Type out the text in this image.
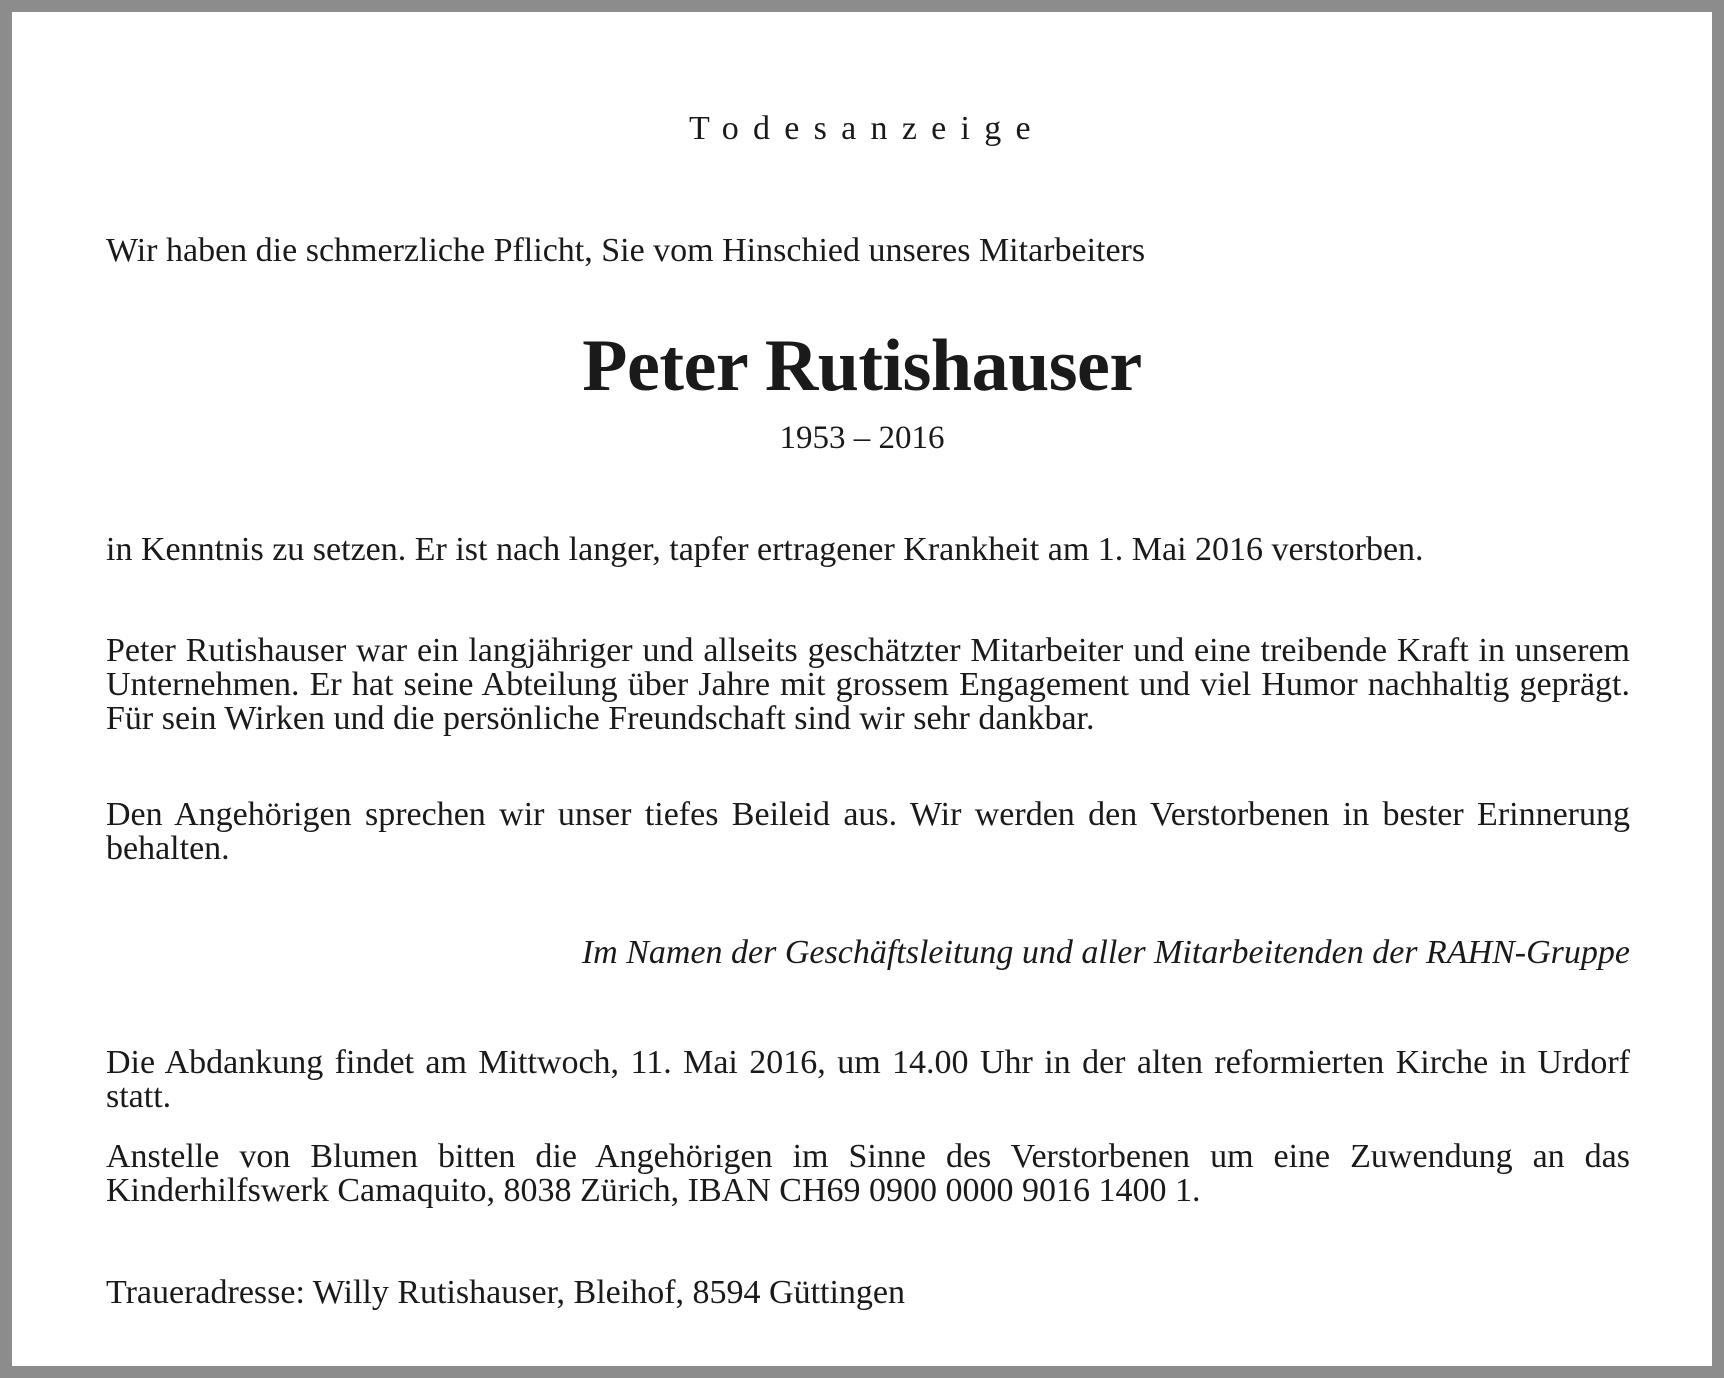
Todesanzeige
Wir haben die schmerzliche Pflicht, Sie vom Hinschied unseres Mitarbeiters
Peter Rutishauser
1953 – 2016
in Kenntnis zu setzen. Er ist nach langer, tapfer ertragener Krankheit am 1. Mai 2016 verstorben.
Peter Rutishauser war ein langjähriger und allseits geschätzter Mitarbeiter und eine treibende Kraft in unserem Unternehmen. Er hat seine Abteilung über Jahre mit grossem Engagement und viel Humor nachhaltig geprägt. Für sein Wirken und die persönliche Freundschaft sind wir sehr dankbar.
Den Angehörigen sprechen wir unser tiefes Beileid aus. Wir werden den Verstorbenen in bester Erinnerung behalten.
Im Namen der Geschäftsleitung und aller Mitarbeitenden der RAHN-Gruppe
Die Abdankung findet am Mittwoch, 11. Mai 2016, um 14.00 Uhr in der alten reformierten Kirche in Urdorf statt.
Anstelle von Blumen bitten die Angehörigen im Sinne des Verstorbenen um eine Zuwendung an das Kinderhilfswerk Camaquito, 8038 Zürich, IBAN CH69 0900 0000 9016 1400 1.
Traueradresse: Willy Rutishauser, Bleihof, 8594 Güttingen
